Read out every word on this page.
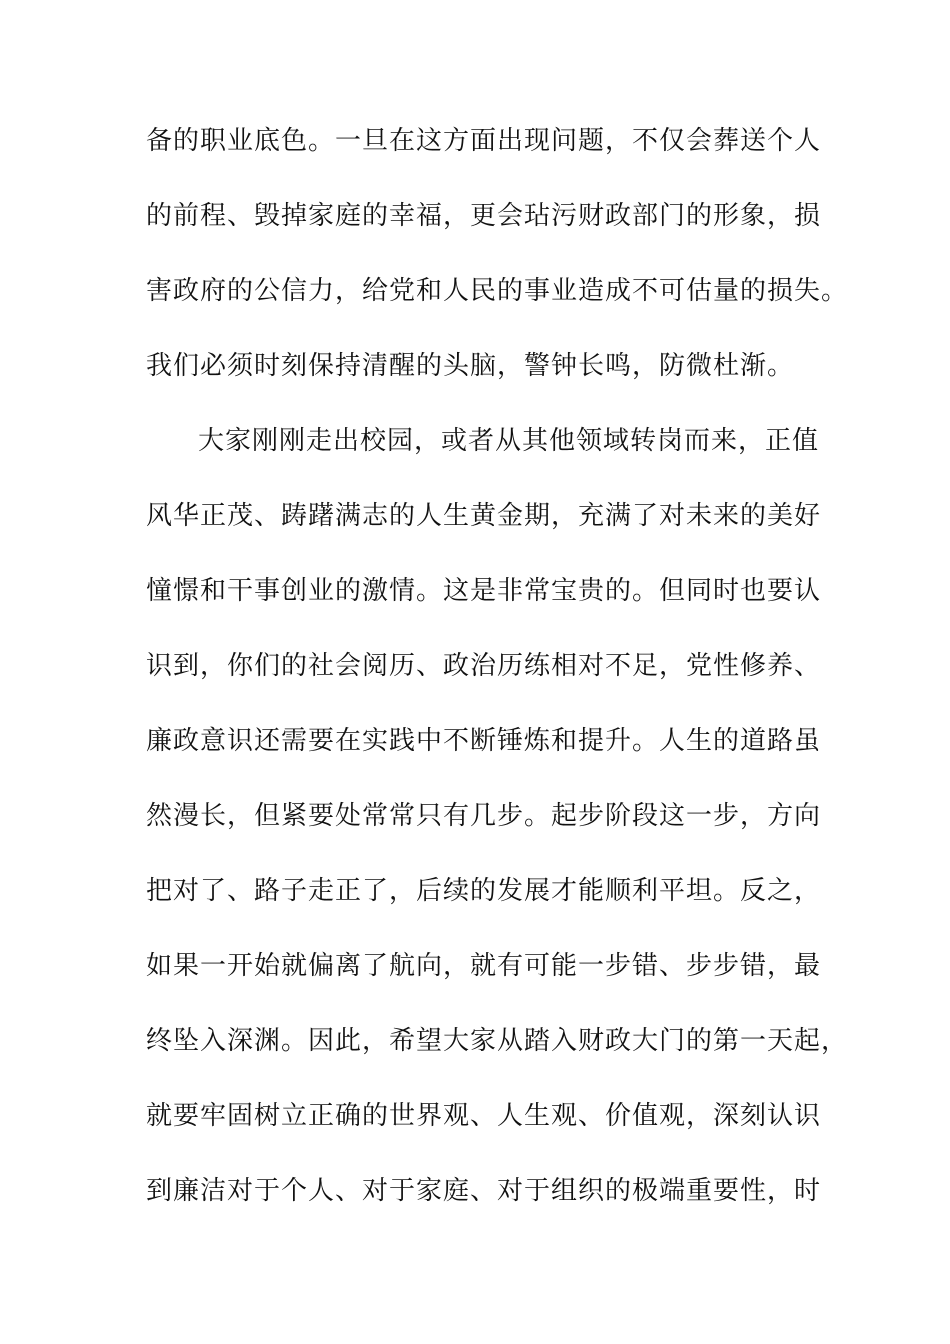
备的职业底色。一旦在这方面出现问题，不仅会葬送个人
的前程、毁掉家庭的幸福，更会玷污财政部门的形象，损
害政府的公信力，给党和人民的事业造成不可估量的损失。
我们必须时刻保持清醒的头脑，警钟长鸣，防微杜渐。
大家刚刚走出校园，或者从其他领域转岗而来，正值
风华正茂、踌躇满志的人生黄金期，充满了对未来的美好
憧憬和干事创业的激情。这是非常宝贵的。但同时也要认
识到，你们的社会阅历、政治历练相对不足，党性修养、
廉政意识还需要在实践中不断锤炼和提升。人生的道路虽
然漫长，但紧要处常常只有几步。起步阶段这一步，方向
把对了、路子走正了，后续的发展才能顺利平坦。反之，
如果一开始就偏离了航向，就有可能一步错、步步错，最
终坠入深渊。因此，希望大家从踏入财政大门的第一天起，
就要牢固树立正确的世界观、人生观、价值观，深刻认识
到廉洁对于个人、对于家庭、对于组织的极端重要性，时
